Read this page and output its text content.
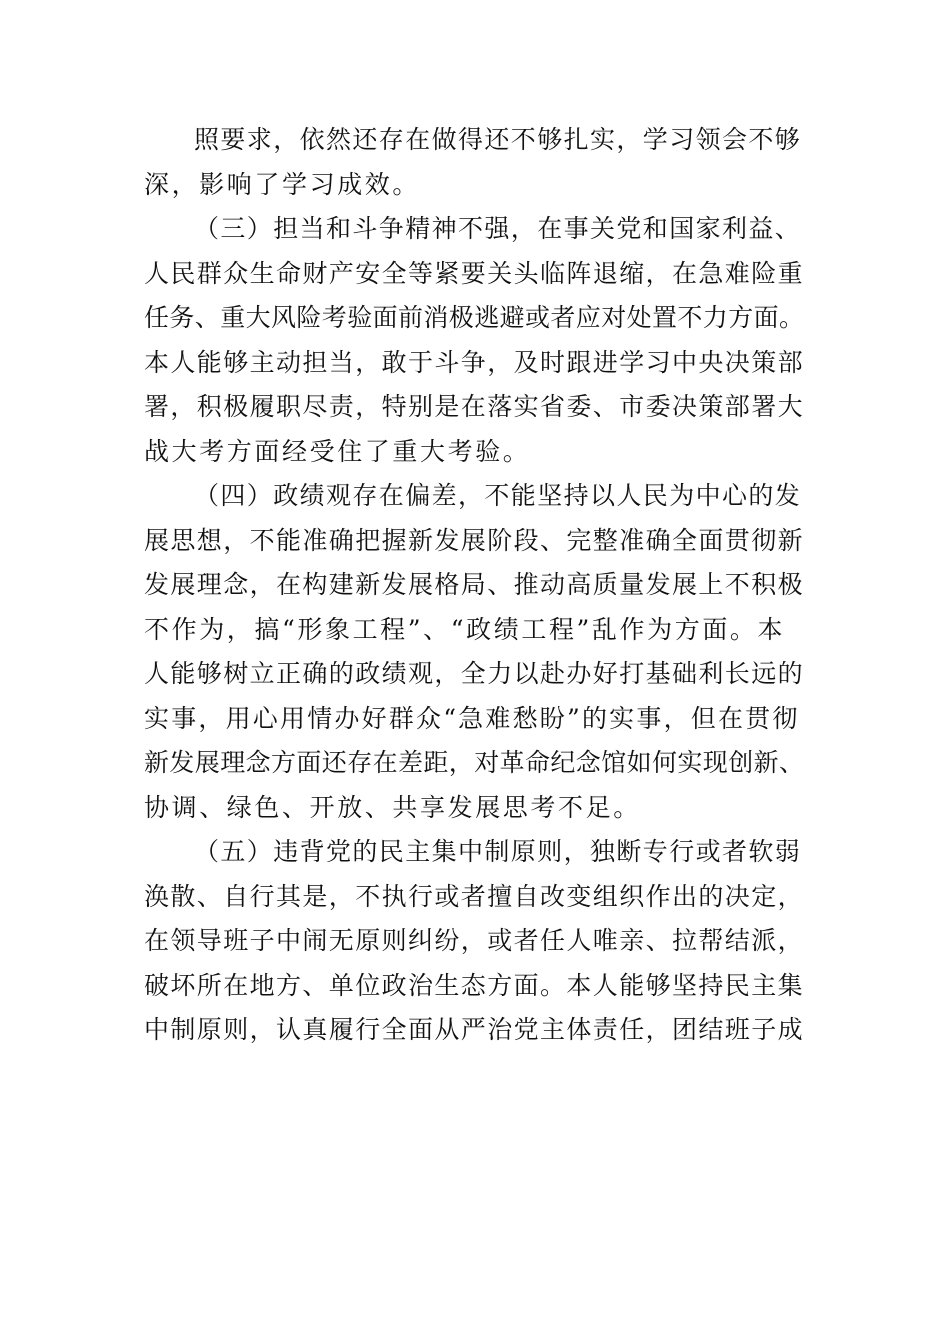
照要求，依然还存在做得还不够扎实，学习领会不够
深，影响了学习成效。
（三）担当和斗争精神不强，在事关党和国家利益、
人民群众生命财产安全等紧要关头临阵退缩，在急难险重
任务、重大风险考验面前消极逃避或者应对处置不力方面。
本人能够主动担当，敢于斗争，及时跟进学习中央决策部
署，积极履职尽责，特别是在落实省委、市委决策部署大
战大考方面经受住了重大考验。
（四）政绩观存在偏差，不能坚持以人民为中心的发
展思想，不能准确把握新发展阶段、完整准确全面贯彻新
发展理念，在构建新发展格局、推动高质量发展上不积极
不作为，搞“形象工程”、“政绩工程”乱作为方面。本
人能够树立正确的政绩观，全力以赴办好打基础利长远的
实事，用心用情办好群众“急难愁盼”的实事，但在贯彻
新发展理念方面还存在差距，对革命纪念馆如何实现创新、
协调、绿色、开放、共享发展思考不足。
（五）违背党的民主集中制原则，独断专行或者软弱
涣散、自行其是，不执行或者擅自改变组织作出的决定，
在领导班子中闹无原则纠纷，或者任人唯亲、拉帮结派，
破坏所在地方、单位政治生态方面。本人能够坚持民主集
中制原则，认真履行全面从严治党主体责任，团结班子成
